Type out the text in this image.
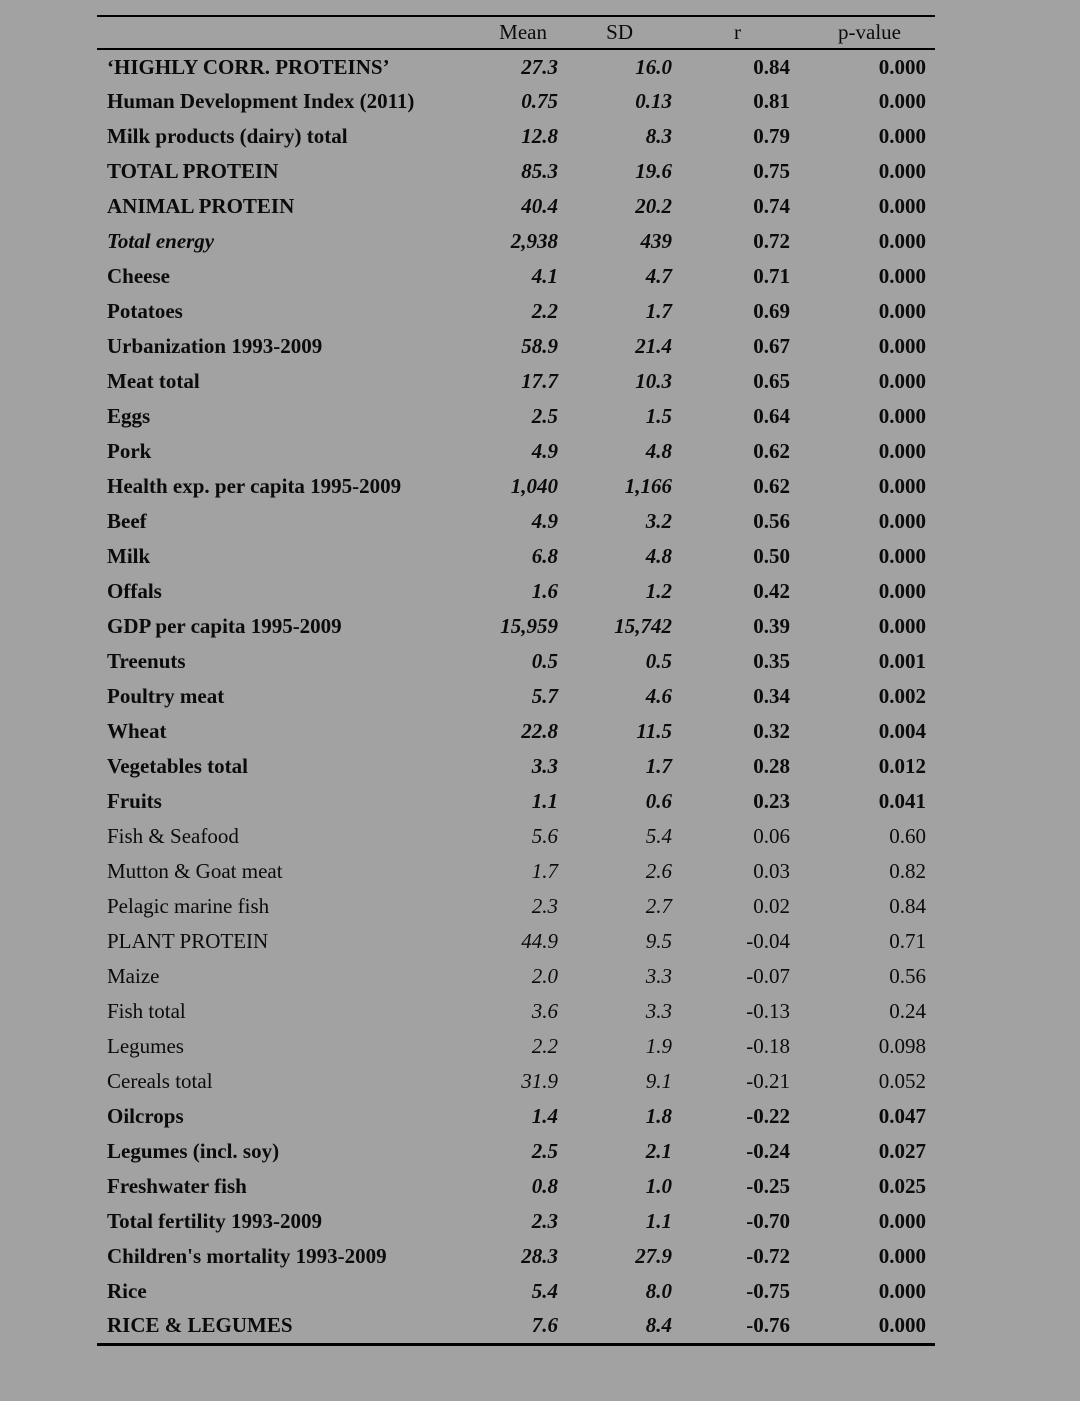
	Mean	SD	r	p-value
‘HIGHLY CORR. PROTEINS’	27.3	16.0	0.84	0.000
Human Development Index (2011)	0.75	0.13	0.81	0.000
Milk products (dairy) total	12.8	8.3	0.79	0.000
TOTAL PROTEIN	85.3	19.6	0.75	0.000
ANIMAL PROTEIN	40.4	20.2	0.74	0.000
Total energy	2,938	439	0.72	0.000
Cheese	4.1	4.7	0.71	0.000
Potatoes	2.2	1.7	0.69	0.000
Urbanization 1993-2009	58.9	21.4	0.67	0.000
Meat total	17.7	10.3	0.65	0.000
Eggs	2.5	1.5	0.64	0.000
Pork	4.9	4.8	0.62	0.000
Health exp. per capita 1995-2009	1,040	1,166	0.62	0.000
Beef	4.9	3.2	0.56	0.000
Milk	6.8	4.8	0.50	0.000
Offals	1.6	1.2	0.42	0.000
GDP per capita 1995-2009	15,959	15,742	0.39	0.000
Treenuts	0.5	0.5	0.35	0.001
Poultry meat	5.7	4.6	0.34	0.002
Wheat	22.8	11.5	0.32	0.004
Vegetables total	3.3	1.7	0.28	0.012
Fruits	1.1	0.6	0.23	0.041
Fish & Seafood	5.6	5.4	0.06	0.60
Mutton & Goat meat	1.7	2.6	0.03	0.82
Pelagic marine fish	2.3	2.7	0.02	0.84
PLANT PROTEIN	44.9	9.5	-0.04	0.71
Maize	2.0	3.3	-0.07	0.56
Fish total	3.6	3.3	-0.13	0.24
Legumes	2.2	1.9	-0.18	0.098
Cereals total	31.9	9.1	-0.21	0.052
Oilcrops	1.4	1.8	-0.22	0.047
Legumes (incl. soy)	2.5	2.1	-0.24	0.027
Freshwater fish	0.8	1.0	-0.25	0.025
Total fertility 1993-2009	2.3	1.1	-0.70	0.000
Children's mortality 1993-2009	28.3	27.9	-0.72	0.000
Rice	5.4	8.0	-0.75	0.000
RICE & LEGUMES	7.6	8.4	-0.76	0.000
